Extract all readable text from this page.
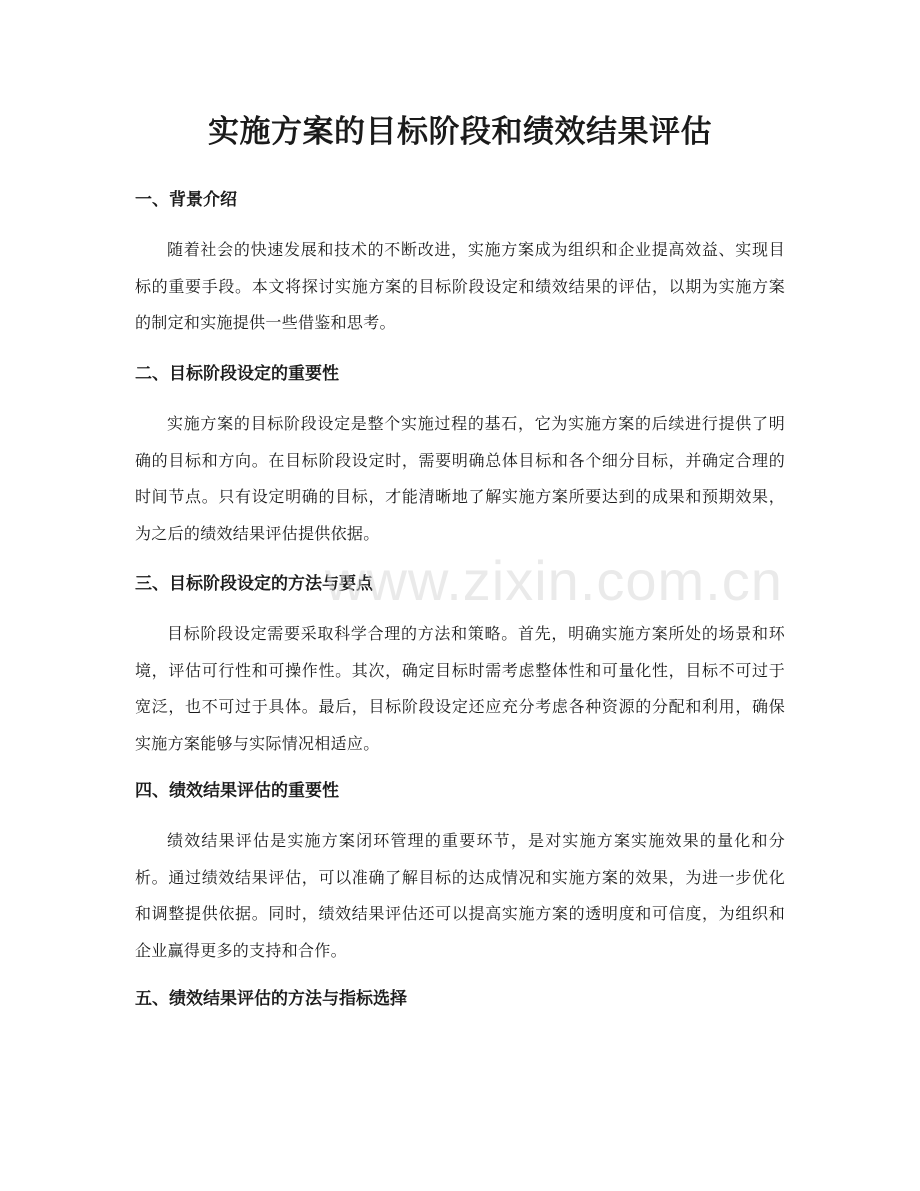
实施方案的目标阶段和绩效结果评估
一、背景介绍

随着社会的快速发展和技术的不断改进，实施方案成为组织和企业提高效益、实现目标的重要手段。本文将探讨实施方案的目标阶段设定和绩效结果的评估，以期为实施方案的制定和实施提供一些借鉴和思考。

二、目标阶段设定的重要性

实施方案的目标阶段设定是整个实施过程的基石，它为实施方案的后续进行提供了明确的目标和方向。在目标阶段设定时，需要明确总体目标和各个细分目标，并确定合理的时间节点。只有设定明确的目标，才能清晰地了解实施方案所要达到的成果和预期效果，为之后的绩效结果评估提供依据。

三、目标阶段设定的方法与要点

目标阶段设定需要采取科学合理的方法和策略。首先，明确实施方案所处的场景和环境，评估可行性和可操作性。其次，确定目标时需考虑整体性和可量化性，目标不可过于宽泛，也不可过于具体。最后，目标阶段设定还应充分考虑各种资源的分配和利用，确保实施方案能够与实际情况相适应。

四、绩效结果评估的重要性

绩效结果评估是实施方案闭环管理的重要环节，是对实施方案实施效果的量化和分析。通过绩效结果评估，可以准确了解目标的达成情况和实施方案的效果，为进一步优化和调整提供依据。同时，绩效结果评估还可以提高实施方案的透明度和可信度，为组织和企业赢得更多的支持和合作。

五、绩效结果评估的方法与指标选择
www.zixin.com.cn
